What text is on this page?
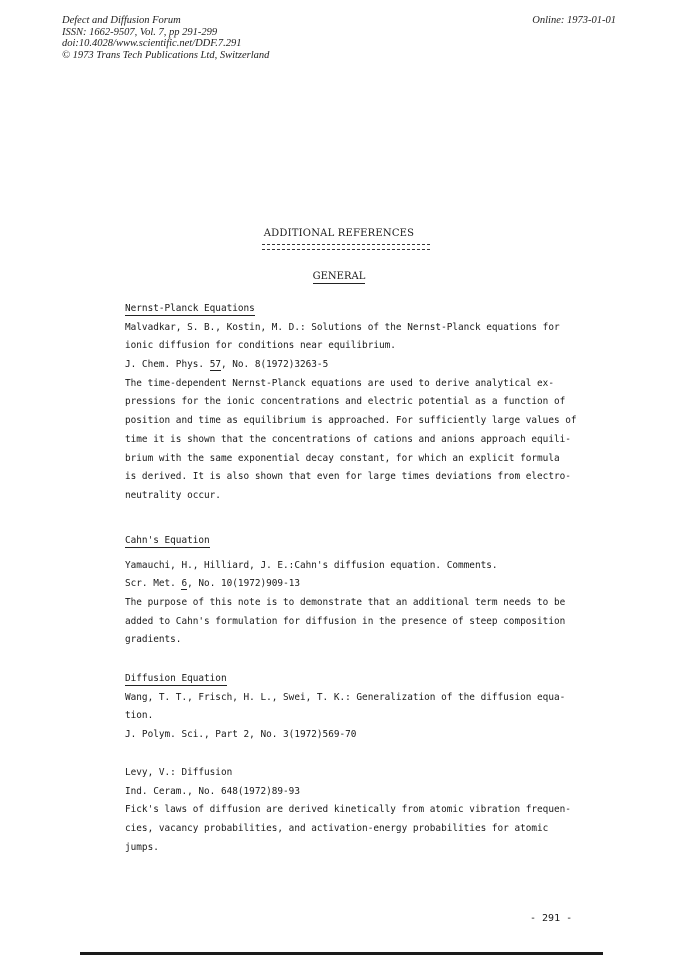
Defect and Diffusion Forum
ISSN: 1662-9507, Vol. 7, pp 291-299
doi:10.4028/www.scientific.net/DDF.7.291
© 1973 Trans Tech Publications Ltd, Switzerland
Online: 1973-01-01
ADDITIONAL REFERENCES
GENERAL
Nernst-Planck Equations
Malvadkar, S. B., Kostin, M. D.: Solutions of the Nernst-Planck equations for
ionic diffusion for conditions near equilibrium.
J. Chem. Phys. 57, No. 8(1972)3263-5
The time-dependent Nernst-Planck equations are used to derive analytical ex-
pressions for the ionic concentrations and electric potential as a function of
position and time as equilibrium is approached. For sufficiently large values of
time it is shown that the concentrations of cations and anions approach equili-
brium with the same exponential decay constant, for which an explicit formula
is derived. It is also shown that even for large times deviations from electro-
neutrality occur.
Cahn's Equation
Yamauchi, H., Hilliard, J. E.:Cahn's diffusion equation. Comments.
Scr. Met. 6, No. 10(1972)909-13
The purpose of this note is to demonstrate that an additional term needs to be
added to Cahn's formulation for diffusion in the presence of steep composition
gradients.
Diffusion Equation
Wang, T. T., Frisch, H. L., Swei, T. K.: Generalization of the diffusion equa-
tion.
J. Polym. Sci., Part 2, No. 3(1972)569-70
Levy, V.: Diffusion
Ind. Ceram., No. 648(1972)89-93
Fick's laws of diffusion are derived kinetically from atomic vibration frequen-
cies, vacancy probabilities, and activation-energy probabilities for atomic
jumps.
- 291 -
